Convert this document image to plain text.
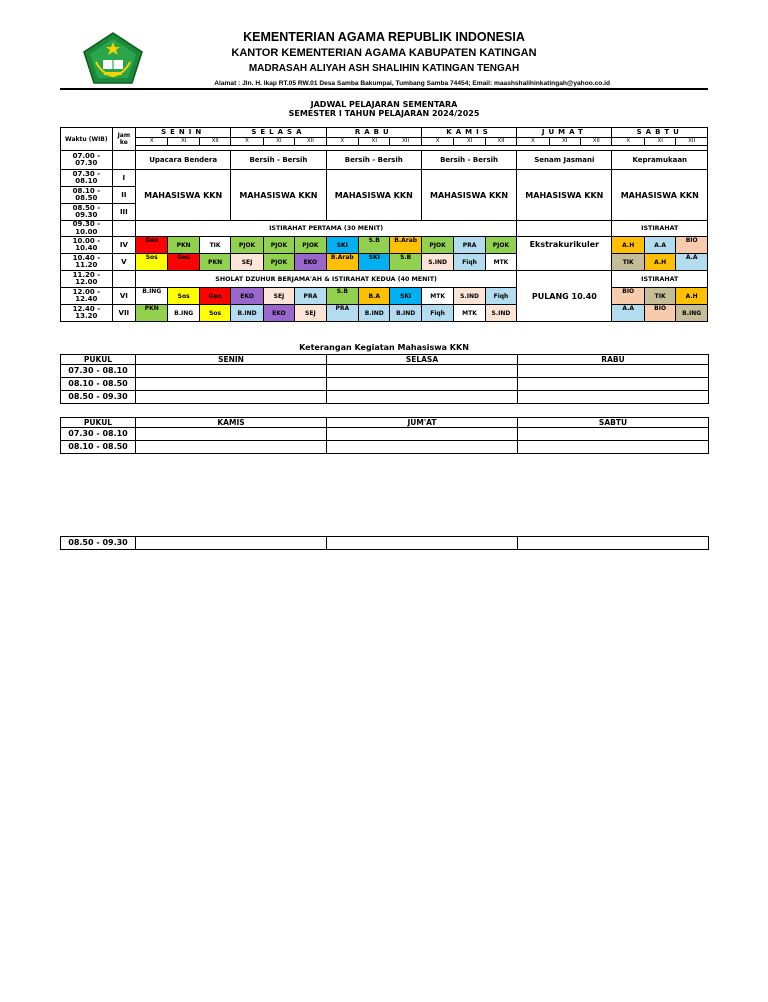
KEMENTERIAN AGAMA REPUBLIK INDONESIA
KANTOR KEMENTERIAN AGAMA KABUPATEN KATINGAN
MADRASAH ALIYAH ASH SHALIHIN KATINGAN TENGAH
Alamat : Jln. H. Ikap RT.05 RW.01 Desa Samba Bakumpai, Tumbang Samba 74454; Email: maashshalihinkatingah@yahoo.co.id
JADWAL PELAJARAN SEMENTARA
SEMESTER I TAHUN PELAJARAN 2024/2025
Waktu (WIB)	Jam ke	SENIN			SELASA			RABU			KAMIS			JUMAT			SABTU		
		X	XI	XII	X	XI	XII	X	XI	XII	X	XI	XII	X	XI	XII	X	XI	XII

07.00 - 07.30		Upacara Bendera			Bersih - Bersih			Bersih - Bersih			Bersih - Bersih			Senam Jasmani			Kepramukaan		
07.30 - 08.10	I	MAHASISWA KKN			MAHASISWA KKN			MAHASISWA KKN			MAHASISWA KKN			MAHASISWA KKN			MAHASISWA KKN		
08.10 - 08.50	II																		
08.50 - 09.30	III																		
09.30 - 10.00		ISTIRAHAT PERTAMA (30 MENIT)															ISTIRAHAT		
10.00 - 10.40	IV	Geo	PKN	TIK	PJOK	PJOK	PJOK	SKI	S.B	B.Arab	PJOK	PRA	PJOK	Ekstrakurikuler			A.H	A.A	BIO
10.40 - 11.20	V	Sos	Geo	PKN	SEJ	PJOK	EKO	B.Arab	SKI	S.B	S.IND	Fiqh	MTK				TIK	A.H	A.A
11.20 - 12.00		SHOLAT DZUHUR BERJAMA'AH & ISTIRAHAT KEDUA (40 MENIT)												PULANG 10.40			ISTIRAHAT		
12.00 - 12.40	VI	B.ING	Sos	Geo	EKO	SEJ	PRA	S.B	B.A	SKI	MTK	S.IND	Fiqh				BIO	TIK	A.H
12.40 - 13.20	VII	PKN	B.ING	Sos	B.IND	EKO	SEJ	PRA	B.IND	B.IND	Fiqh	MTK	S.IND				A.A	BIO	B.ING
Keterangan Kegiatan Mahasiswa KKN
PUKUL	SENIN	SELASA	RABU
07.30 - 08.10			
08.10 - 08.50			
08.50 - 09.30			
PUKUL	KAMIS	JUM'AT	SABTU
07.30 - 08.10			
08.10 - 08.50			
08.50 - 09.30			
